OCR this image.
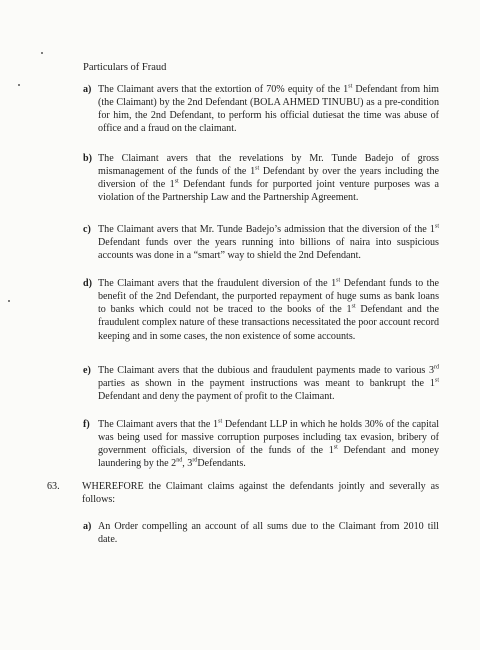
Particulars of Fraud
a) The Claimant avers that the extortion of 70% equity of the 1st Defendant from him (the Claimant) by the 2nd Defendant (BOLA AHMED TINUBU) as a pre-condition for him, the 2nd Defendant, to perform his official dutiesat the time was abuse of office and a fraud on the claimant.
b) The Claimant avers that the revelations by Mr. Tunde Badejo of gross mismanagement of the funds of the 1st Defendant by over the years including the diversion of the 1st Defendant funds for purported joint venture purposes was a violation of the Partnership Law and the Partnership Agreement.
c) The Claimant avers that Mr. Tunde Badejo’s admission that the diversion of the 1st Defendant funds over the years running into billions of naira into suspicious accounts was done in a “smart” way to shield the 2nd Defendant.
d) The Claimant avers that the fraudulent diversion of the 1st Defendant funds to the benefit of the 2nd Defendant, the purported repayment of huge sums as bank loans to banks which could not be traced to the books of the 1st Defendant and the fraudulent complex nature of these transactions necessitated the poor account record keeping and in some cases, the non existence of some accounts.
e) The Claimant avers that the dubious and fraudulent payments made to various 3rd parties as shown in the payment instructions was meant to bankrupt the 1st Defendant and deny the payment of profit to the Claimant.
f) The Claimant avers that the 1st Defendant LLP in which he holds 30% of the capital was being used for massive corruption purposes including tax evasion, bribery of government officials, diversion of the funds of the 1st Defendant and money laundering by the 2nd, 3rdDefendants.
63. WHEREFORE the Claimant claims against the defendants jointly and severally as follows:
a) An Order compelling an account of all sums due to the Claimant from 2010 till date.
